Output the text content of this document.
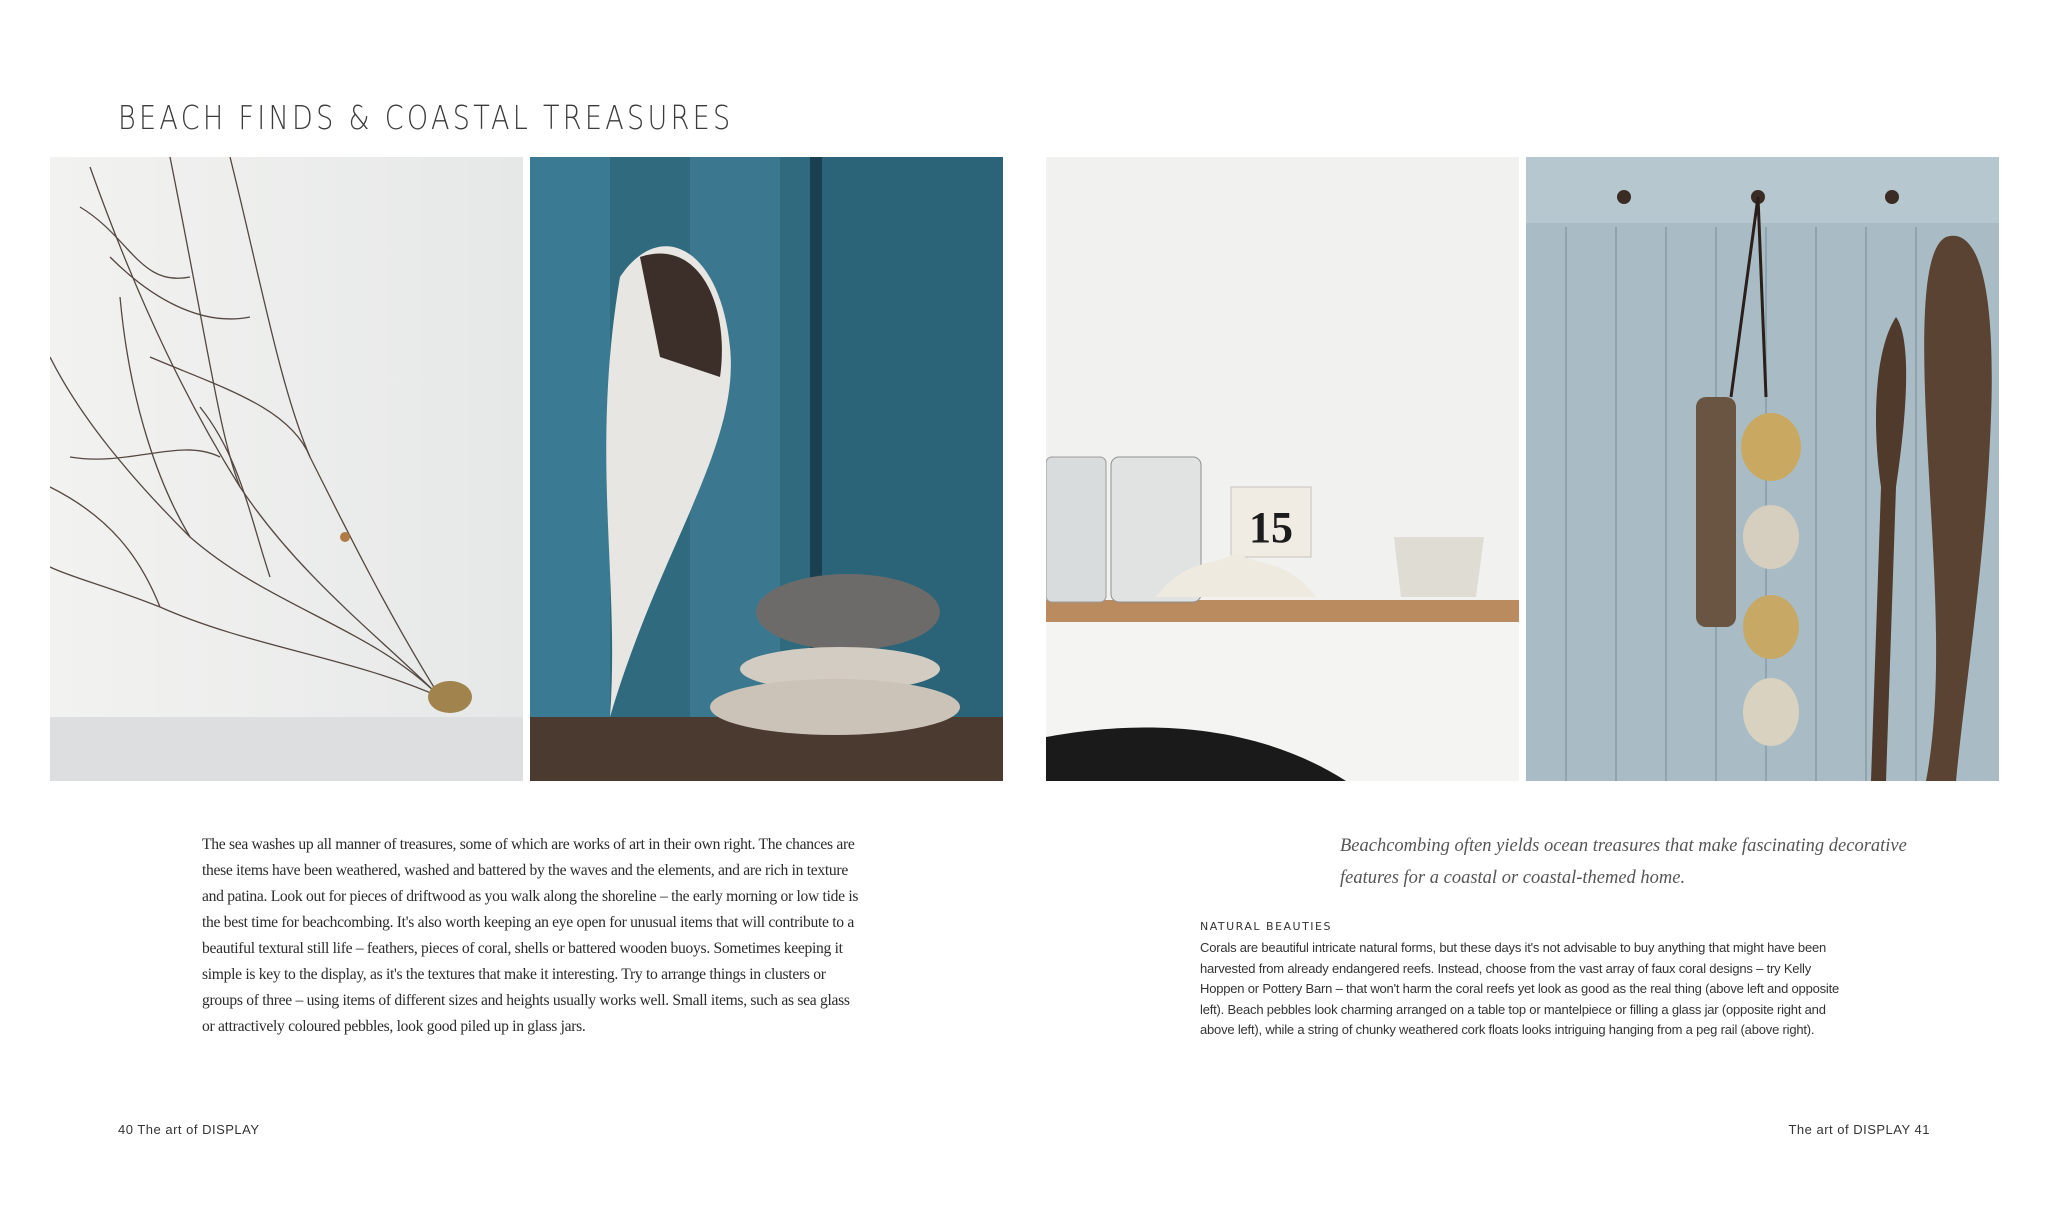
BEACH FINDS & COASTAL TREASURES
15
The sea washes up all manner of treasures, some of which are works of art in their own right. The chances are these items have been weathered, washed and battered by the waves and the elements, and are rich in texture and patina. Look out for pieces of driftwood as you walk along the shoreline – the early morning or low tide is the best time for beachcombing. It's also worth keeping an eye open for unusual items that will contribute to a beautiful textural still life – feathers, pieces of coral, shells or battered wooden buoys. Sometimes keeping it simple is key to the display, as it's the textures that make it interesting. Try to arrange things in clusters or groups of three – using items of different sizes and heights usually works well. Small items, such as sea glass or attractively coloured pebbles, look good piled up in glass jars.
Beachcombing often yields ocean treasures that make fascinating decorative features for a coastal or coastal-themed home.
NATURAL BEAUTIES
Corals are beautiful intricate natural forms, but these days it's not advisable to buy anything that might have been harvested from already endangered reefs. Instead, choose from the vast array of faux coral designs – try Kelly Hoppen or Pottery Barn – that won't harm the coral reefs yet look as good as the real thing (above left and opposite left). Beach pebbles look charming arranged on a table top or mantelpiece or filling a glass jar (opposite right and above left), while a string of chunky weathered cork floats looks intriguing hanging from a peg rail (above right).
40 The art of DISPLAY	The art of DISPLAY 41
